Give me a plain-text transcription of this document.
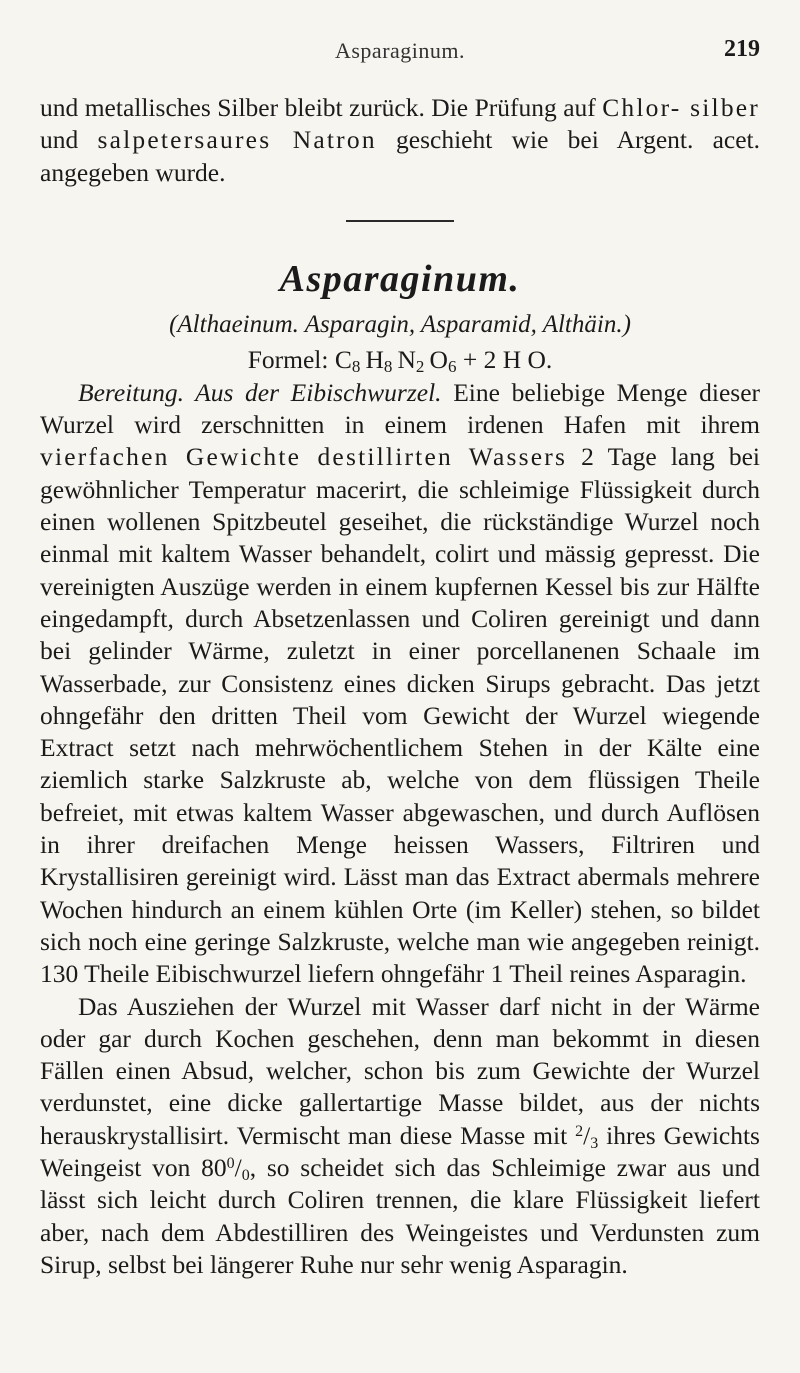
Asparaginum.	219

und metallisches Silber bleibt zurück. Die Prüfung auf Chlor- silber und salpetersaures Natron geschieht wie bei Argent. acet. angegeben wurde.

Asparaginum.
(Althaeinum. Asparagin, Asparamid, Althäin.)
Formel: $C_8$  $H_8$  $N_2$  $O_6 + 2$ H O.

Bereitung. Aus der Eibischwurzel. Eine beliebige Menge dieser Wurzel wird zerschnitten in einem irdenen Hafen mit ihrem vierfachen Gewichte destillirten Wassers 2 Tage lang bei gewöhnlicher Temperatur macerirt, die schleimige Flüssigkeit durch einen wollenen Spitzbeutel geseihet, die rückständige Wurzel noch einmal mit kaltem Wasser behandelt, colirt und mässig gepresst. Die vereinigten Auszüge werden in einem kupfernen Kessel bis zur Hälfte eingedampft, durch Absetzenlassen und Coliren gereinigt und dann bei gelinder Wärme, zuletzt in einer porcellanenen Schaale im Wasserbade, zur Consistenz eines dicken Sirups gebracht. Das jetzt ohngefähr den dritten Theil vom Gewicht der Wurzel wiegende Extract setzt nach mehrwöchentlichem Stehen in der Kälte eine ziemlich starke Salzkruste ab, welche von dem flüssigen Theile befreiet, mit etwas kaltem Wasser abgewaschen, und durch Auflösen in ihrer dreifachen Menge heissen Wassers, Filtriren und Krystallisiren gereinigt wird. Lässt man das Extract abermals mehrere Wochen hindurch an einem kühlen Orte (im Keller) stehen, so bildet sich noch eine geringe Salzkruste, welche man wie angegeben reinigt. 130 Theile Eibischwurzel liefern ohngefähr 1 Theil reines Asparagin.

Das Ausziehen der Wurzel mit Wasser darf nicht in der Wärme oder gar durch Kochen geschehen, denn man bekommt in diesen Fällen einen Absud, welcher, schon bis zum Gewichte der Wurzel verdunstet, eine dicke gallertartige Masse bildet, aus der nichts herauskrystallisirt. Vermischt man diese Masse mit $^2/_3$ ihres Gewichts Weingeist von $80^0/_0$, so scheidet sich das Schleimige zwar aus und lässt sich leicht durch Coliren trennen, die klare Flüssigkeit liefert aber, nach dem Abdestilliren des Weingeistes und Verdunsten zum Sirup, selbst bei längerer Ruhe nur sehr wenig Asparagin.
